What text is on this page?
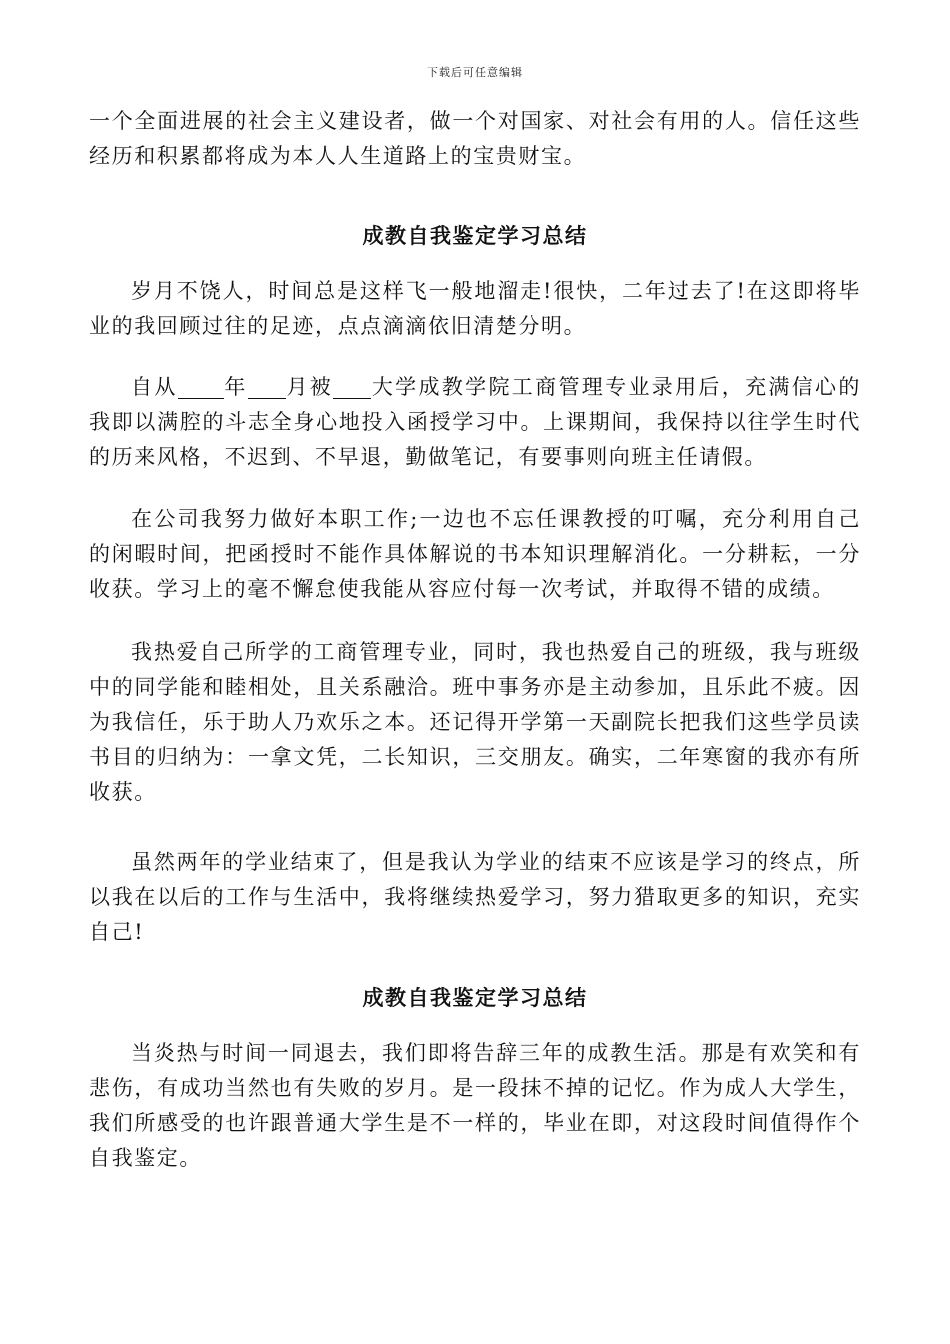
下载后可任意编辑

一个全面进展的社会主义建设者，做一个对国家、对社会有用的人。信任这些经历和积累都将成为本人人生道路上的宝贵财宝。

成教自我鉴定学习总结

岁月不饶人，时间总是这样飞一般地溜走!很快，二年过去了!在这即将毕业的我回顾过往的足迹，点点滴滴依旧清楚分明。

自从 年 月被 大学成教学院工商管理专业录用后，充满信心的我即以满腔的斗志全身心地投入函授学习中。上课期间，我保持以往学生时代的历来风格，不迟到、不早退，勤做笔记，有要事则向班主任请假。

在公司我努力做好本职工作;一边也不忘任课教授的叮嘱，充分利用自己的闲暇时间，把函授时不能作具体解说的书本知识理解消化。一分耕耘，一分收获。学习上的毫不懈怠使我能从容应付每一次考试，并取得不错的成绩。

我热爱自己所学的工商管理专业，同时，我也热爱自己的班级，我与班级中的同学能和睦相处，且关系融洽。班中事务亦是主动参加，且乐此不疲。因为我信任，乐于助人乃欢乐之本。还记得开学第一天副院长把我们这些学员读书目的归纳为：一拿文凭，二长知识，三交朋友。确实，二年寒窗的我亦有所收获。

虽然两年的学业结束了，但是我认为学业的结束不应该是学习的终点，所以我在以后的工作与生活中，我将继续热爱学习，努力猎取更多的知识，充实自己!

成教自我鉴定学习总结

当炎热与时间一同退去，我们即将告辞三年的成教生活。那是有欢笑和有悲伤，有成功当然也有失败的岁月。是一段抹不掉的记忆。作为成人大学生，我们所感受的也许跟普通大学生是不一样的，毕业在即，对这段时间值得作个自我鉴定。
